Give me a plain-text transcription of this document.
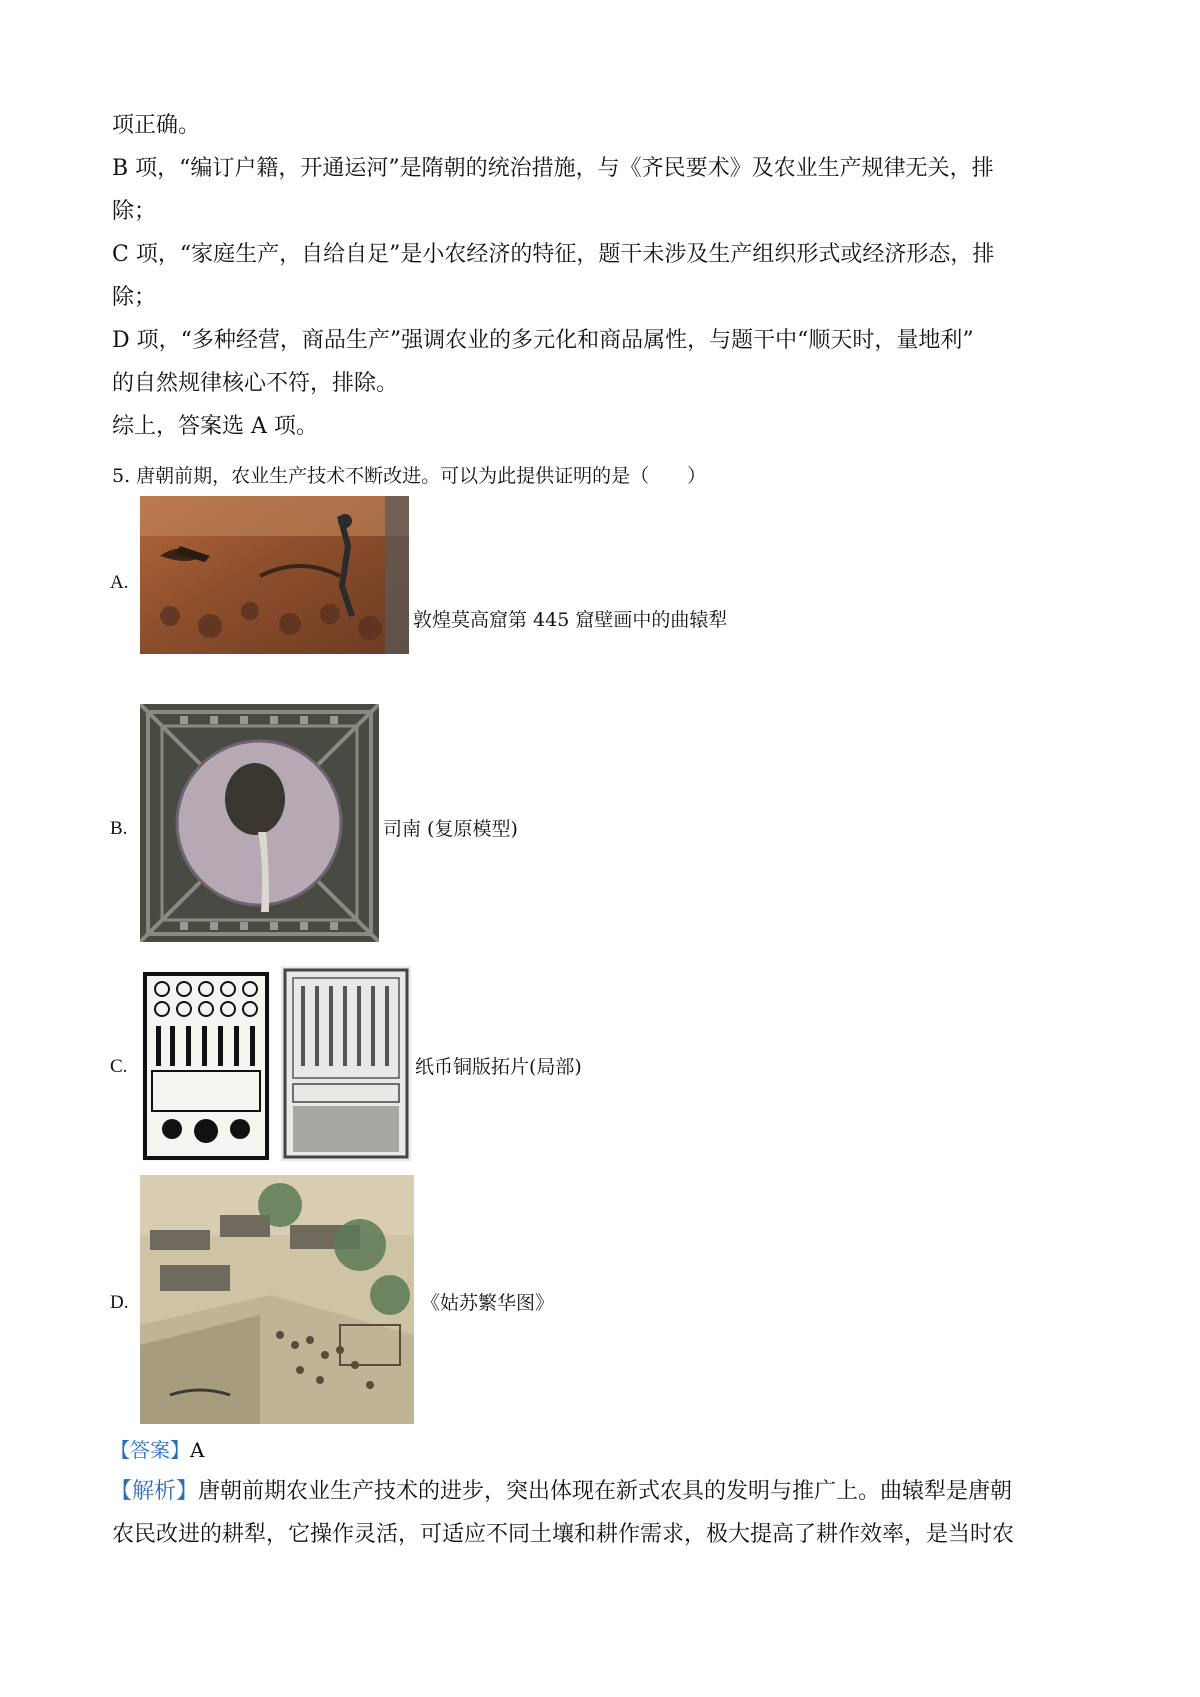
项正确。
B 项，“编订户籍，开通运河”是隋朝的统治措施，与《齐民要术》及农业生产规律无关，排
除；
C 项，“家庭生产，自给自足”是小农经济的特征，题干未涉及生产组织形式或经济形态，排
除；
D 项，“多种经营，商品生产”强调农业的多元化和商品属性，与题干中“顺天时，量地利”
的自然规律核心不符，排除。
综上，答案选 A 项。
5. 唐朝前期，农业生产技术不断改进。可以为此提供证明的是（　　）
A.
敦煌莫高窟第 445 窟壁画中的曲辕犁
B.	司南 (复原模型)
C.	纸币铜版拓片(局部)
D.	《姑苏繁华图》
【答案】A
【解析】唐朝前期农业生产技术的进步，突出体现在新式农具的发明与推广上。曲辕犁是唐朝
农民改进的耕犁，它操作灵活，可适应不同土壤和耕作需求，极大提高了耕作效率，是当时农
